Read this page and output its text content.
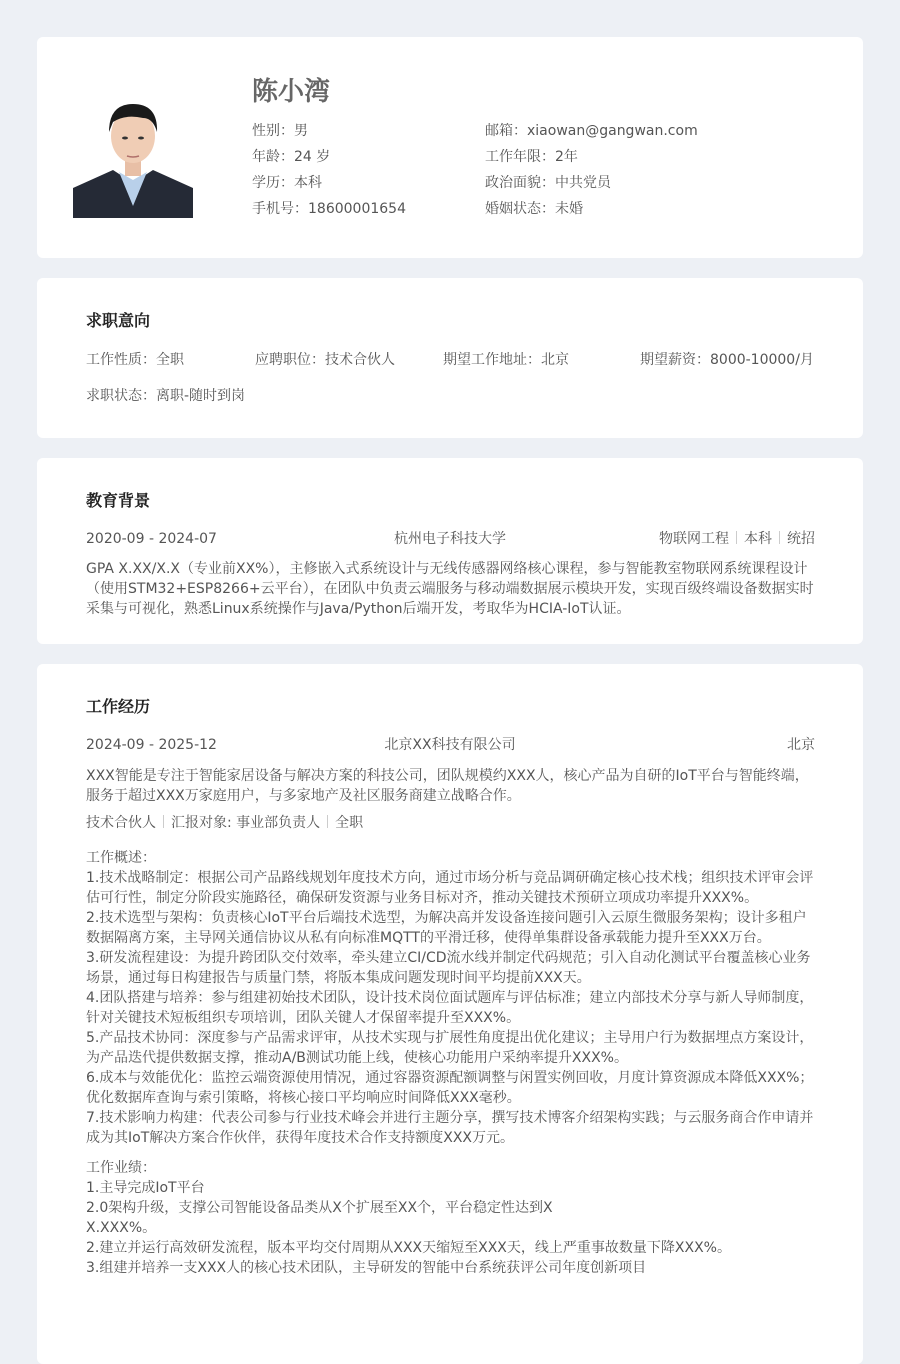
陈小湾
性别：男
年龄：24 岁
学历：本科
手机号：18600001654
邮箱：xiaowan@gangwan.com
工作年限：2年
政治面貌：中共党员
婚姻状态：未婚
求职意向
工作性质：全职	应聘职位：技术合伙人	期望工作地址：北京	期望薪资：8000-10000/月
求职状态：离职-随时到岗
教育背景
2020-09 - 2024-07	杭州电子科技大学	物联网工程 本科 统招
GPA X.XX/X.X（专业前XX%），主修嵌入式系统设计与无线传感器网络核心课程，参与智能教室物联网系统课程设计（使用STM32+ESP8266+云平台），在团队中负责云端服务与移动端数据展示模块开发，实现百级终端设备数据实时采集与可视化，熟悉Linux系统操作与Java/Python后端开发，考取华为HCIA-IoT认证。
工作经历
2024-09 - 2025-12	北京XX科技有限公司	北京
XXX智能是专注于智能家居设备与解决方案的科技公司，团队规模约XXX人，核心产品为自研的IoT平台与智能终端，服务于超过XXX万家庭用户，与多家地产及社区服务商建立战略合作。
技术合伙人 汇报对象: 事业部负责人 全职
工作概述：
1.技术战略制定：根据公司产品路线规划年度技术方向，通过市场分析与竞品调研确定核心技术栈；组织技术评审会评估可行性，制定分阶段实施路径，确保研发资源与业务目标对齐，推动关键技术预研立项成功率提升XXX%。
2.技术选型与架构：负责核心IoT平台后端技术选型，为解决高并发设备连接问题引入云原生微服务架构；设计多租户数据隔离方案，主导网关通信协议从私有向标准MQTT的平滑迁移，使得单集群设备承载能力提升至XXX万台。
3.研发流程建设：为提升跨团队交付效率，牵头建立CI/CD流水线并制定代码规范；引入自动化测试平台覆盖核心业务场景，通过每日构建报告与质量门禁，将版本集成问题发现时间平均提前XXX天。
4.团队搭建与培养：参与组建初始技术团队，设计技术岗位面试题库与评估标准；建立内部技术分享与新人导师制度，针对关键技术短板组织专项培训，团队关键人才保留率提升至XXX%。
5.产品技术协同：深度参与产品需求评审，从技术实现与扩展性角度提出优化建议；主导用户行为数据埋点方案设计，为产品迭代提供数据支撑，推动A/B测试功能上线，使核心功能用户采纳率提升XXX%。
6.成本与效能优化：监控云端资源使用情况，通过容器资源配额调整与闲置实例回收，月度计算资源成本降低XXX%；优化数据库查询与索引策略，将核心接口平均响应时间降低XXX毫秒。
7.技术影响力构建：代表公司参与行业技术峰会并进行主题分享，撰写技术博客介绍架构实践；与云服务商合作申请并成为其IoT解决方案合作伙伴，获得年度技术合作支持额度XXX万元。
工作业绩：
1.主导完成IoT平台
2.0架构升级，支撑公司智能设备品类从X个扩展至XX个，平台稳定性达到X
X.XXX%。
2.建立并运行高效研发流程，版本平均交付周期从XXX天缩短至XXX天，线上严重事故数量下降XXX%。
3.组建并培养一支XXX人的核心技术团队，主导研发的智能中台系统获评公司年度创新项目
